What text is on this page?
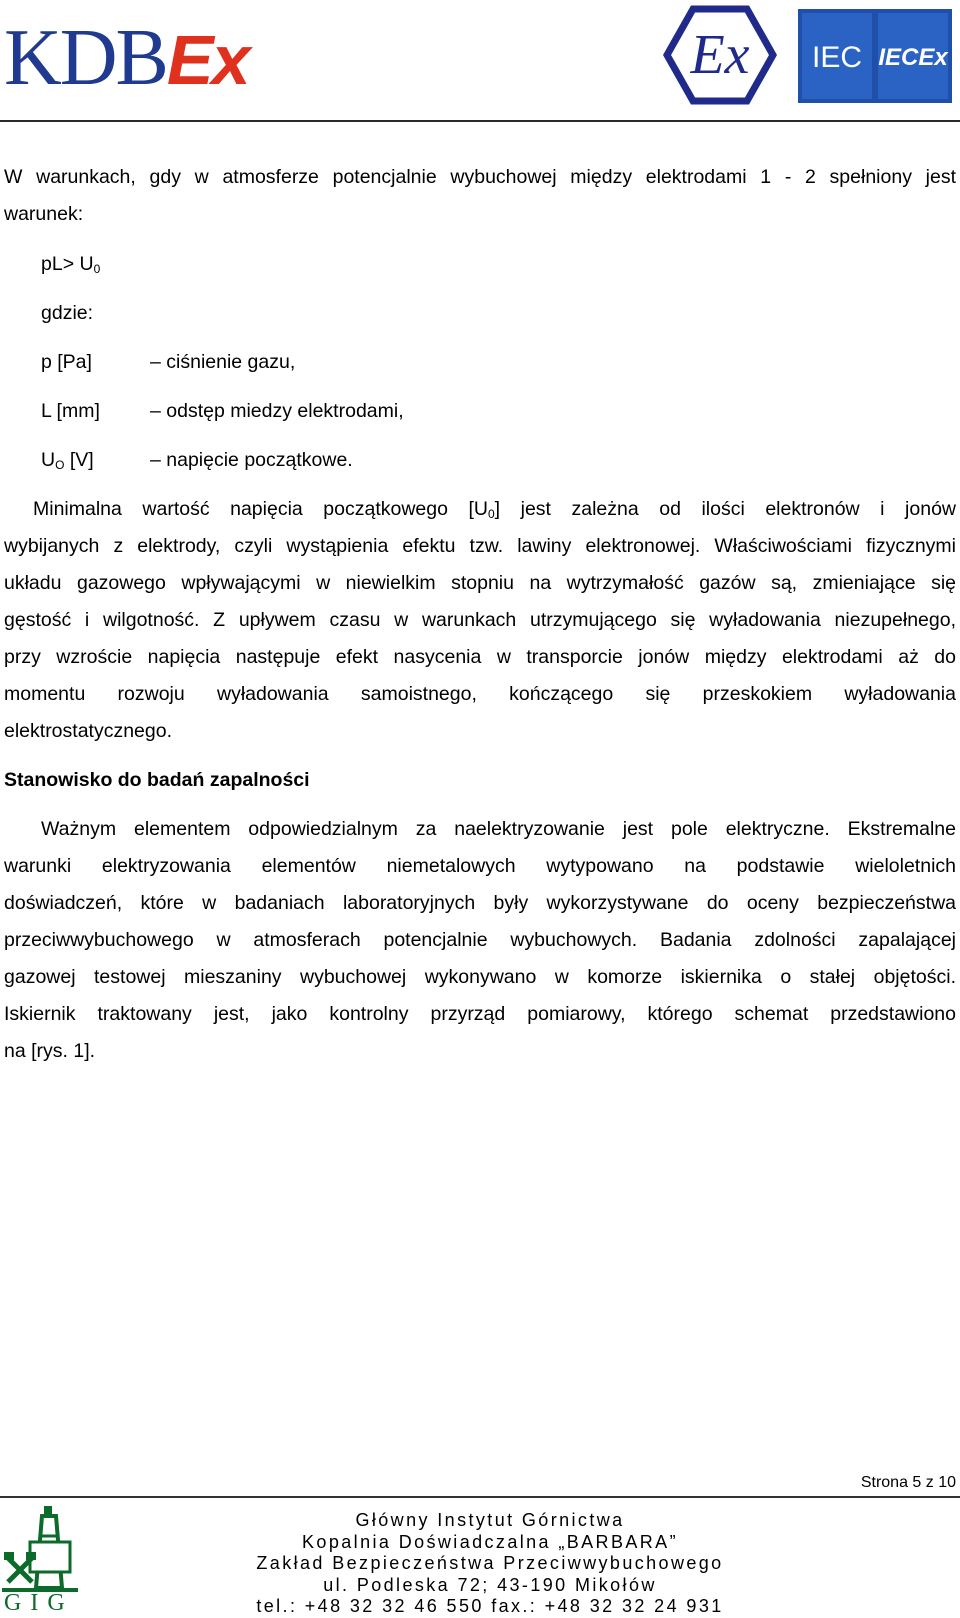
KDBEx	Ex IEC IECEx
W warunkach, gdy w atmosferze potencjalnie wybuchowej między elektrodami 1 - 2 spełniony jest
warunek:
$pL> U_0$
gdzie:
p [Pa]	– ciśnienie gazu,
L [mm]	– odstęp miedzy elektrodami,
$U_O$ [V]	– napięcie początkowe.
Minimalna wartość napięcia początkowego $[U_0]$ jest zależna od ilości elektronów i jonów
wybijanych z elektrody, czyli wystąpienia efektu tzw. lawiny elektronowej. Właściwościami fizycznymi
układu gazowego wpływającymi w niewielkim stopniu na wytrzymałość gazów są, zmieniające się
gęstość i wilgotność. Z upływem czasu w warunkach utrzymującego się wyładowania niezupełnego,
przy wzroście napięcia następuje efekt nasycenia w transporcie jonów między elektrodami aż do
momentu rozwoju wyładowania samoistnego, kończącego się przeskokiem wyładowania
elektrostatycznego.
Stanowisko do badań zapalności
Ważnym elementem odpowiedzialnym za naelektryzowanie jest pole elektryczne. Ekstremalne
warunki elektryzowania elementów niemetalowych wytypowano na podstawie wieloletnich
doświadczeń, które w badaniach laboratoryjnych były wykorzystywane do oceny bezpieczeństwa
przeciwwybuchowego w atmosferach potencjalnie wybuchowych. Badania zdolności zapalającej
gazowej testowej mieszaniny wybuchowej wykonywano w komorze iskiernika o stałej objętości.
Iskiernik traktowany jest, jako kontrolny przyrząd pomiarowy, którego schemat przedstawiono
na [rys. 1].
Strona 5 z 10
GIG
Główny Instytut Górnictwa
Kopalnia Doświadczalna „BARBARA”
Zakład Bezpieczeństwa Przeciwwybuchowego
ul. Podleska 72; 43-190 Mikołów
tel.: +48 32 32 46 550 fax.: +48 32 32 24 931
